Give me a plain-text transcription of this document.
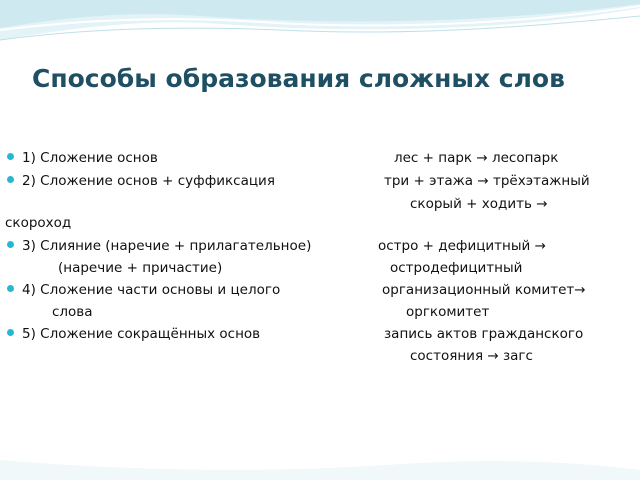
Способы образования сложных слов
1) Сложение основ	лес + парк → лесопарк
2) Сложение основ + суффиксация	три + этажа → трёхэтажный
скорый + ходить →
скороход
3) Слияние (наречие + прилагательное)	остро + дефицитный →
(наречие + причастие)	остродефицитный
4) Сложение части основы и целого	организационный комитет→
слова	оргкомитет
5) Сложение сокращённых основ	запись актов гражданского
состояния → загс
